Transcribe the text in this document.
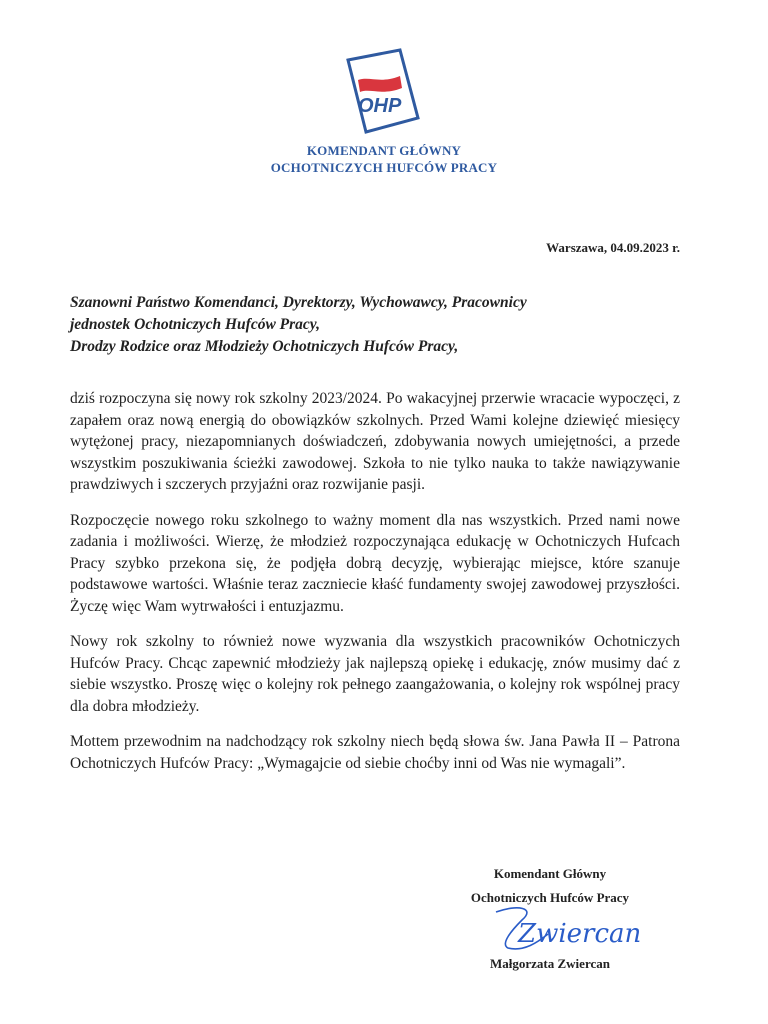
OHP
KOMENDANT GŁÓWNY
OCHOTNICZYCH HUFCÓW PRACY
Warszawa, 04.09.2023 r.
Szanowni Państwo Komendanci, Dyrektorzy, Wychowawcy, Pracownicy
jednostek Ochotniczych Hufców Pracy,
Drodzy Rodzice oraz Młodzieży Ochotniczych Hufców Pracy,

dziś rozpoczyna się nowy rok szkolny 2023/2024. Po wakacyjnej przerwie wracacie wypoczęci, z zapałem oraz nową energią do obowiązków szkolnych. Przed Wami kolejne dziewięć miesięcy wytężonej pracy, niezapomnianych doświadczeń, zdobywania nowych umiejętności, a przede wszystkim poszukiwania ścieżki zawodowej. Szkoła to nie tylko nauka to także nawiązywanie prawdziwych i szczerych przyjaźni oraz rozwijanie pasji.

Rozpoczęcie nowego roku szkolnego to ważny moment dla nas wszystkich. Przed nami nowe zadania i możliwości. Wierzę, że młodzież rozpoczynająca edukację w Ochotniczych Hufcach Pracy szybko przekona się, że podjęła dobrą decyzję, wybierając miejsce, które szanuje podstawowe wartości. Właśnie teraz zaczniecie kłaść fundamenty swojej zawodowej przyszłości. Życzę więc Wam wytrwałości i entuzjazmu.

Nowy rok szkolny to również nowe wyzwania dla wszystkich pracowników Ochotniczych Hufców Pracy. Chcąc zapewnić młodzieży jak najlepszą opiekę i edukację, znów musimy dać z siebie wszystko. Proszę więc o kolejny rok pełnego zaangażowania, o kolejny rok wspólnej pracy dla dobra młodzieży.

Mottem przewodnim na nadchodzący rok szkolny niech będą słowa św. Jana Pawła II – Patrona Ochotniczych Hufców Pracy: „Wymagajcie od siebie choćby inni od Was nie wymagali”.

Komendant Główny
Ochotniczych Hufców Pracy
Zwiercan
Małgorzata Zwiercan
